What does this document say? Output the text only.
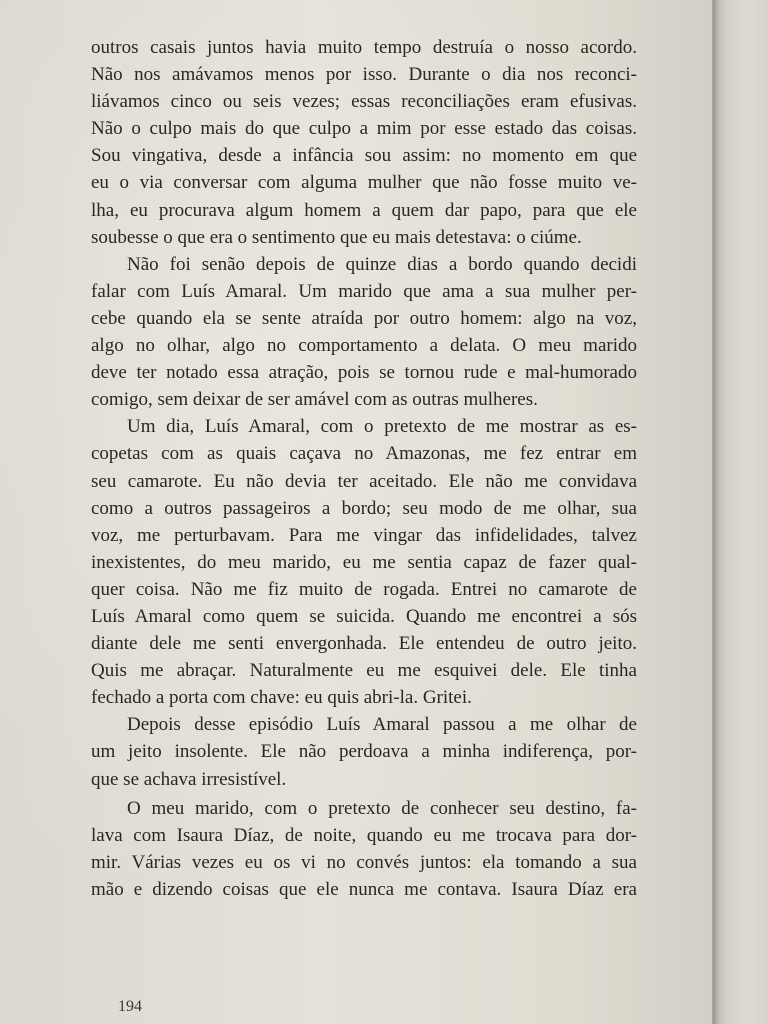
outros casais juntos havia muito tempo destruía o nosso acordo.
Não nos amávamos menos por isso. Durante o dia nos reconci-
liávamos cinco ou seis vezes; essas reconciliações eram efusivas.
Não o culpo mais do que culpo a mim por esse estado das coisas.
Sou vingativa, desde a infância sou assim: no momento em que
eu o via conversar com alguma mulher que não fosse muito ve-
lha, eu procurava algum homem a quem dar papo, para que ele
soubesse o que era o sentimento que eu mais detestava: o ciúme.
Não foi senão depois de quinze dias a bordo quando decidi
falar com Luís Amaral. Um marido que ama a sua mulher per-
cebe quando ela se sente atraída por outro homem: algo na voz,
algo no olhar, algo no comportamento a delata. O meu marido
deve ter notado essa atração, pois se tornou rude e mal-humorado
comigo, sem deixar de ser amável com as outras mulheres.
Um dia, Luís Amaral, com o pretexto de me mostrar as es-
copetas com as quais caçava no Amazonas, me fez entrar em
seu camarote. Eu não devia ter aceitado. Ele não me convidava
como a outros passageiros a bordo; seu modo de me olhar, sua
voz, me perturbavam. Para me vingar das infidelidades, talvez
inexistentes, do meu marido, eu me sentia capaz de fazer qual-
quer coisa. Não me fiz muito de rogada. Entrei no camarote de
Luís Amaral como quem se suicida. Quando me encontrei a sós
diante dele me senti envergonhada. Ele entendeu de outro jeito.
Quis me abraçar. Naturalmente eu me esquivei dele. Ele tinha
fechado a porta com chave: eu quis abri-la. Gritei.
Depois desse episódio Luís Amaral passou a me olhar de
um jeito insolente. Ele não perdoava a minha indiferença, por-
que se achava irresistível.
O meu marido, com o pretexto de conhecer seu destino, fa-
lava com Isaura Díaz, de noite, quando eu me trocava para dor-
mir. Várias vezes eu os vi no convés juntos: ela tomando a sua
mão e dizendo coisas que ele nunca me contava. Isaura Díaz era
194
